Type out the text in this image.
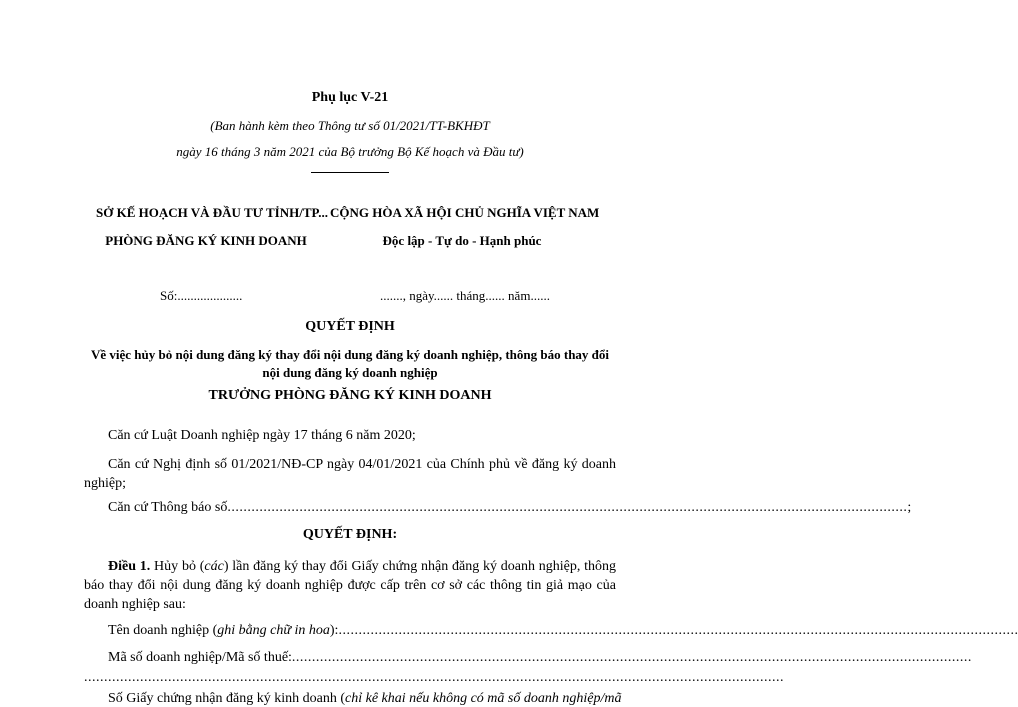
Phụ lục V-21
(Ban hành kèm theo Thông tư số 01/2021/TT-BKHĐT
ngày 16 tháng 3 năm 2021 của Bộ trưởng Bộ Kế hoạch và Đầu tư)
SỞ KẾ HOẠCH VÀ ĐẦU TƯ TỈNH/TP...
PHÒNG ĐĂNG KÝ KINH DOANH
CỘNG HÒA XÃ HỘI CHỦ NGHĨA VIỆT NAM
Độc lập - Tự do - Hạnh phúc
Số:....................	......., ngày...... tháng...... năm......
QUYẾT ĐỊNH
Về việc hủy bỏ nội dung đăng ký thay đổi nội dung đăng ký doanh nghiệp, thông báo thay đổi nội dung đăng ký doanh nghiệp
TRƯỞNG PHÒNG ĐĂNG KÝ KINH DOANH
Căn cứ Luật Doanh nghiệp ngày 17 tháng 6 năm 2020;
Căn cứ Nghị định số 01/2021/NĐ-CP ngày 04/01/2021 của Chính phủ về đăng ký doanh nghiệp;
Căn cứ Thông báo số .......................................................................................................................................................................... ;
QUYẾT ĐỊNH:
Điều 1. Hủy bỏ (các) lần đăng ký thay đổi Giấy chứng nhận đăng ký doanh nghiệp, thông báo thay đổi nội dung đăng ký doanh nghiệp được cấp trên cơ sở các thông tin giả mạo của doanh nghiệp sau:
Tên doanh nghiệp ( ghi bằng chữ in hoa ): ..........................................................................................................................................................................
Mã số doanh nghiệp/Mã số thuế: ..........................................................................................................................................................................
...............................................................................................................................................................................
Số Giấy chứng nhận đăng ký kinh doanh (chỉ kê khai nếu không có mã số doanh nghiệp/mã
